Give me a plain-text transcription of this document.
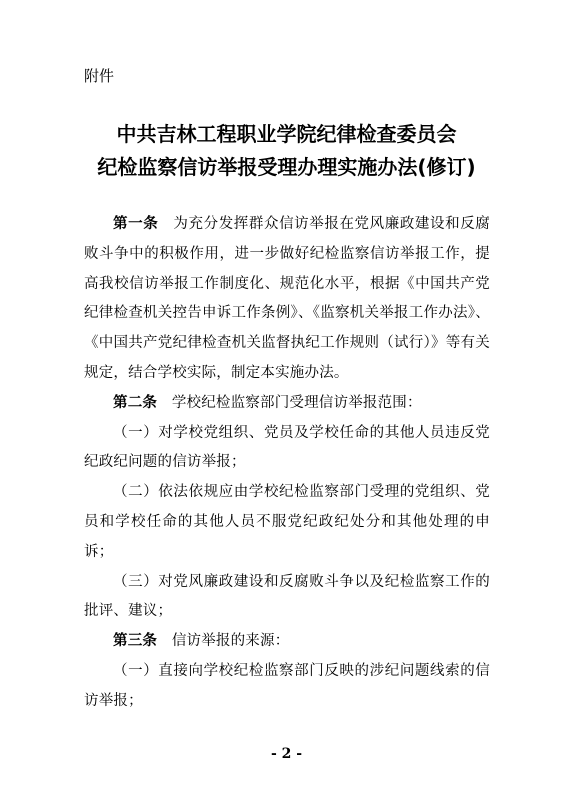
附件
中共吉林工程职业学院纪律检查委员会
纪检监察信访举报受理办理实施办法(修订)

第一条　 为充分发挥群众信访举报在党风廉政建设和反腐败斗争中的积极作用，进一步做好纪检监察信访举报工作，提高我校信访举报工作制度化、规范化水平，根据《中国共产党纪律检查机关控告申诉工作条例》、《监察机关举报工作办法》、《中国共产党纪律检查机关监督执纪工作规则（试行）》等有关规定，结合学校实际，制定本实施办法。

第二条　 学校纪检监察部门受理信访举报范围：

（一）对学校党组织、党员及学校任命的其他人员违反党纪政纪问题的信访举报；

（二）依法依规应由学校纪检监察部门受理的党组织、党员和学校任命的其他人员不服党纪政纪处分和其他处理的申诉；

（三）对党风廉政建设和反腐败斗争以及纪检监察工作的批评、建议；

第三条　 信访举报的来源：

（一）直接向学校纪检监察部门反映的涉纪问题线索的信访举报；

- 2 -
